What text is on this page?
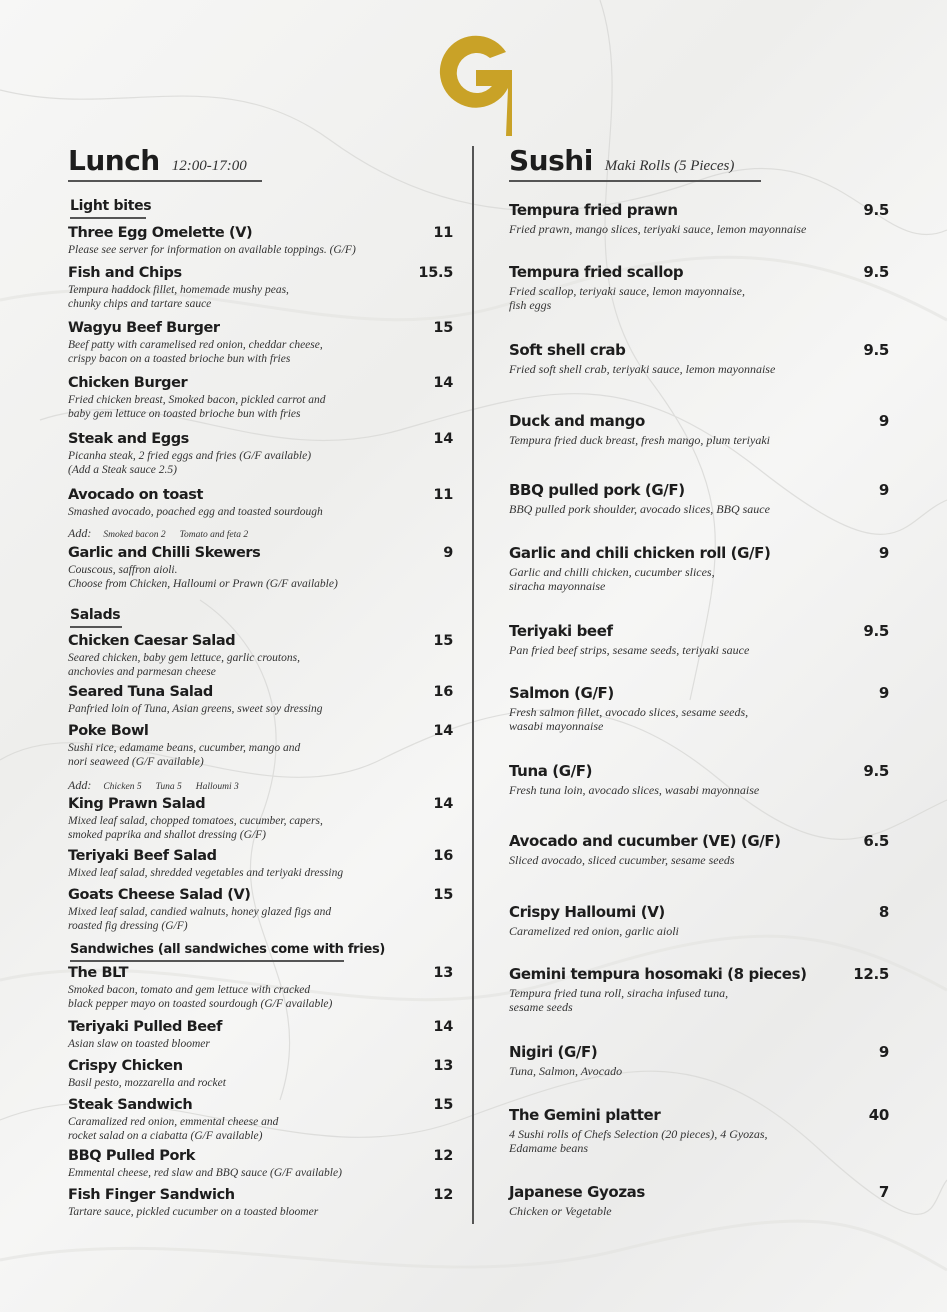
Lunch 12:00-17:00
Light bites
Three Egg Omelette (V)	11
Please see server for information on available toppings. (G/F)
Fish and Chips	15.5
Tempura haddock fillet, homemade mushy peas,
chunky chips and tartare sauce
Wagyu Beef Burger	15
Beef patty with caramelised red onion, cheddar cheese,
crispy bacon on a toasted brioche bun with fries
Chicken Burger	14
Fried chicken breast, Smoked bacon, pickled carrot and
baby gem lettuce on toasted brioche bun with fries
Steak and Eggs	14
Picanha steak, 2 fried eggs and fries (G/F available)
(Add a Steak sauce 2.5)
Avocado on toast	11
Smashed avocado, poached egg and toasted sourdough
Add: Smoked bacon 2 Tomato and feta 2
Garlic and Chilli Skewers	9
Couscous, saffron aioli.
Choose from Chicken, Halloumi or Prawn (G/F available)
Salads
Chicken Caesar Salad	15
Seared chicken, baby gem lettuce, garlic croutons,
anchovies and parmesan cheese
Seared Tuna Salad	16
Panfried loin of Tuna, Asian greens, sweet soy dressing
Poke Bowl	14
Sushi rice, edamame beans, cucumber, mango and
nori seaweed (G/F available)
Add: Chicken 5 Tuna 5 Halloumi 3
King Prawn Salad	14
Mixed leaf salad, chopped tomatoes, cucumber, capers,
smoked paprika and shallot dressing (G/F)
Teriyaki Beef Salad	16
Mixed leaf salad, shredded vegetables and teriyaki dressing
Goats Cheese Salad (V)	15
Mixed leaf salad, candied walnuts, honey glazed figs and
roasted fig dressing (G/F)
Sandwiches (all sandwiches come with fries)
The BLT	13
Smoked bacon, tomato and gem lettuce with cracked
black pepper mayo on toasted sourdough (G/F available)
Teriyaki Pulled Beef	14
Asian slaw on toasted bloomer
Crispy Chicken	13
Basil pesto, mozzarella and rocket
Steak Sandwich	15
Caramalized red onion, emmental cheese and
rocket salad on a ciabatta (G/F available)
BBQ Pulled Pork	12
Emmental cheese, red slaw and BBQ sauce (G/F available)
Fish Finger Sandwich	12
Tartare sauce, pickled cucumber on a toasted bloomer
Sushi Maki Rolls (5 Pieces)
Tempura fried prawn	9.5
Fried prawn, mango slices, teriyaki sauce, lemon mayonnaise
Tempura fried scallop	9.5
Fried scallop, teriyaki sauce, lemon mayonnaise,
fish eggs
Soft shell crab	9.5
Fried soft shell crab, teriyaki sauce, lemon mayonnaise
Duck and mango	9
Tempura fried duck breast, fresh mango, plum teriyaki
BBQ pulled pork (G/F)	9
BBQ pulled pork shoulder, avocado slices, BBQ sauce
Garlic and chili chicken roll (G/F)	9
Garlic and chilli chicken, cucumber slices,
siracha mayonnaise
Teriyaki beef	9.5
Pan fried beef strips, sesame seeds, teriyaki sauce
Salmon (G/F)	9
Fresh salmon fillet, avocado slices, sesame seeds,
wasabi mayonnaise
Tuna (G/F)	9.5
Fresh tuna loin, avocado slices, wasabi mayonnaise
Avocado and cucumber (VE) (G/F)	6.5
Sliced avocado, sliced cucumber, sesame seeds
Crispy Halloumi (V)	8
Caramelized red onion, garlic aioli
Gemini tempura hosomaki (8 pieces)	12.5
Tempura fried tuna roll, siracha infused tuna,
sesame seeds
Nigiri (G/F)	9
Tuna, Salmon, Avocado
The Gemini platter	40
4 Sushi rolls of Chefs Selection (20 pieces), 4 Gyozas,
Edamame beans
Japanese Gyozas	7
Chicken or Vegetable
